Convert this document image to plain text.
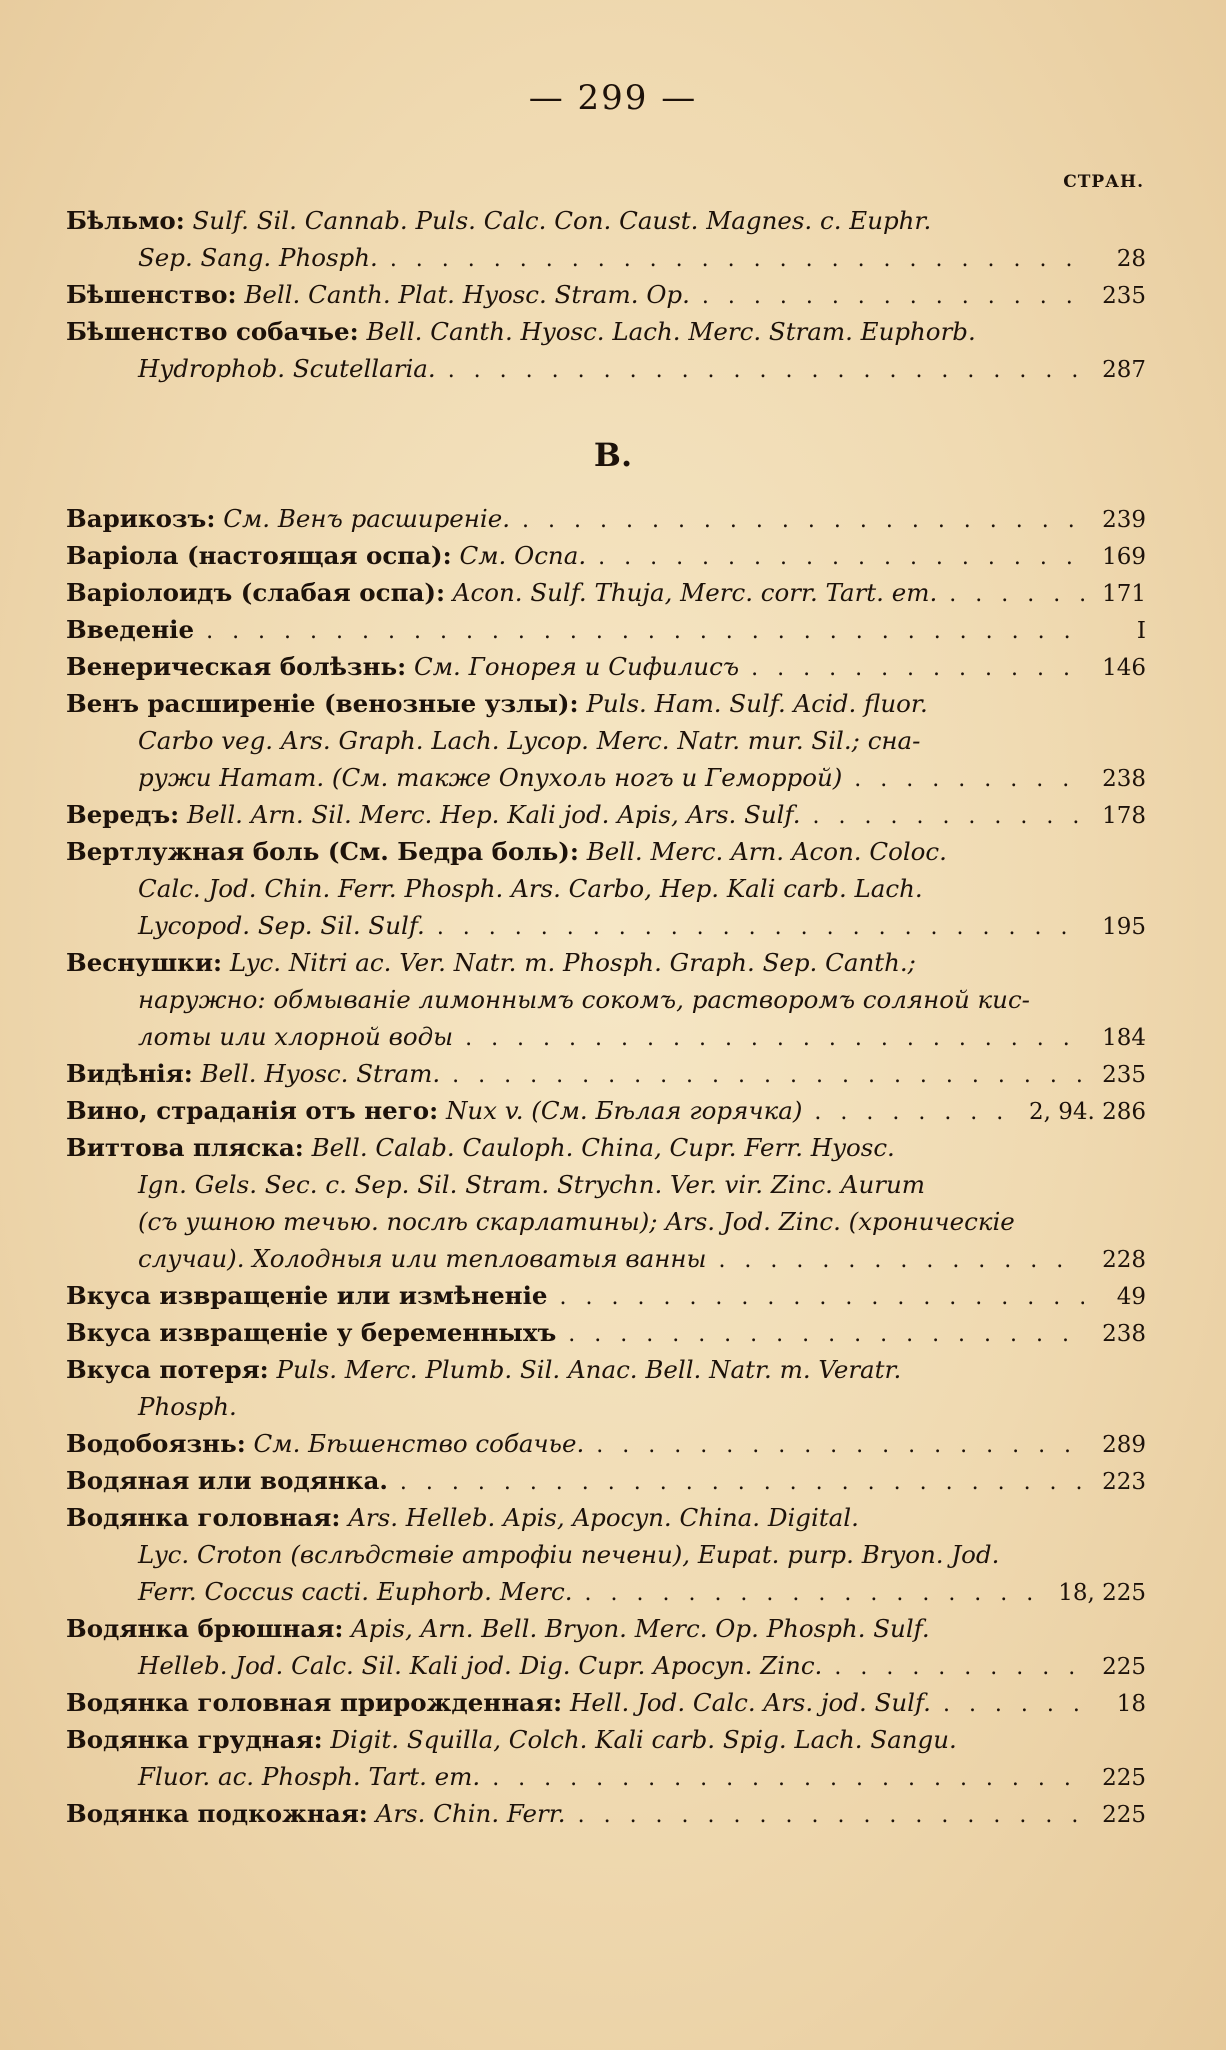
— 299 —
СТРАН.
Бѣльмо: Sulf. Sil. Cannab. Puls. Calc. Con. Caust. Magnes. c. Euphr.
Sep. Sang. Phosph. . . .	28
Бѣшенство: Bell. Canth. Plat. Hyosc. Stram. Op. . . .	235
Бѣшенство собачье: Bell. Canth. Hyosc. Lach. Merc. Stram. Euphorb.
Hydrophob. Scutellaria. . . .	287
В.
Варикозъ: См. Венъ расширеніе. . . .	239
Варіола (настоящая оспа): См. Оспа. . . .	169
Варіолоидъ (слабая оспа): Acon. Sulf. Thuja, Merc. corr. Tart. em. . . .	171
Введеніе . . .	I
Венерическая болѣзнь: См. Гонорея и Сифилисъ . . .	146
Венъ расширеніе (венозные узлы): Puls. Ham. Sulf. Acid. fluor.
Carbo veg. Ars. Graph. Lach. Lycop. Merc. Natr. mur. Sil.; сна-
ружи Hamam. (См. также Опухоль ногъ и Геморрой) . . .	238
Вередъ: Bell. Arn. Sil. Merc. Hep. Kali jod. Apis, Ars. Sulf. . . .	178
Вертлужная боль (См. Бедра боль): Bell. Merc. Arn. Acon. Coloc.
Calc. Jod. Chin. Ferr. Phosph. Ars. Carbo, Hep. Kali carb. Lach.
Lycopod. Sep. Sil. Sulf. . . .	195
Веснушки: Lyc. Nitri ac. Ver. Natr. m. Phosph. Graph. Sep. Canth.;
наружно: обмываніе лимоннымъ сокомъ, растворомъ соляной кис-
лоты или хлорной воды . . .	184
Видѣнія: Bell. Hyosc. Stram. . . .	235
Вино, страданія отъ него: Nux v. (См. Бѣлая горячка) . . .	2, 94. 286
Виттова пляска: Bell. Calab. Cauloph. China, Cupr. Ferr. Hyosc.
Ign. Gels. Sec. c. Sep. Sil. Stram. Strychn. Ver. vir. Zinc. Aurum
(съ ушною течью. послѣ скарлатины); Ars. Jod. Zinc. (хроническіе
случаи). Холодныя или тепловатыя ванны . . .	228
Вкуса извращеніе или измѣненіе . . .	49
Вкуса извращеніе у беременныхъ . . .	238
Вкуса потеря: Puls. Merc. Plumb. Sil. Anac. Bell. Natr. m. Veratr.
Phosph.
Водобоязнь: См. Бѣшенство собачье. . . .	289
Водяная или водянка. . . .	223
Водянка головная: Ars. Helleb. Apis, Apocyn. China. Digital.
Lyc. Croton (вслѣдствіе атрофіи печени), Eupat. purp. Bryon. Jod.
Ferr. Coccus cacti. Euphorb. Merc. . . .	18, 225
Водянка брюшная: Apis, Arn. Bell. Bryon. Merc. Op. Phosph. Sulf.
Helleb. Jod. Calc. Sil. Kali jod. Dig. Cupr. Apocyn. Zinc. . . .	225
Водянка головная прирожденная: Hell. Jod. Calc. Ars. jod. Sulf. . . .	18
Водянка грудная: Digit. Squilla, Colch. Kali carb. Spig. Lach. Sangu.
Fluor. ac. Phosph. Tart. em. . . .	225
Водянка подкожная: Ars. Chin. Ferr. . . .	225
